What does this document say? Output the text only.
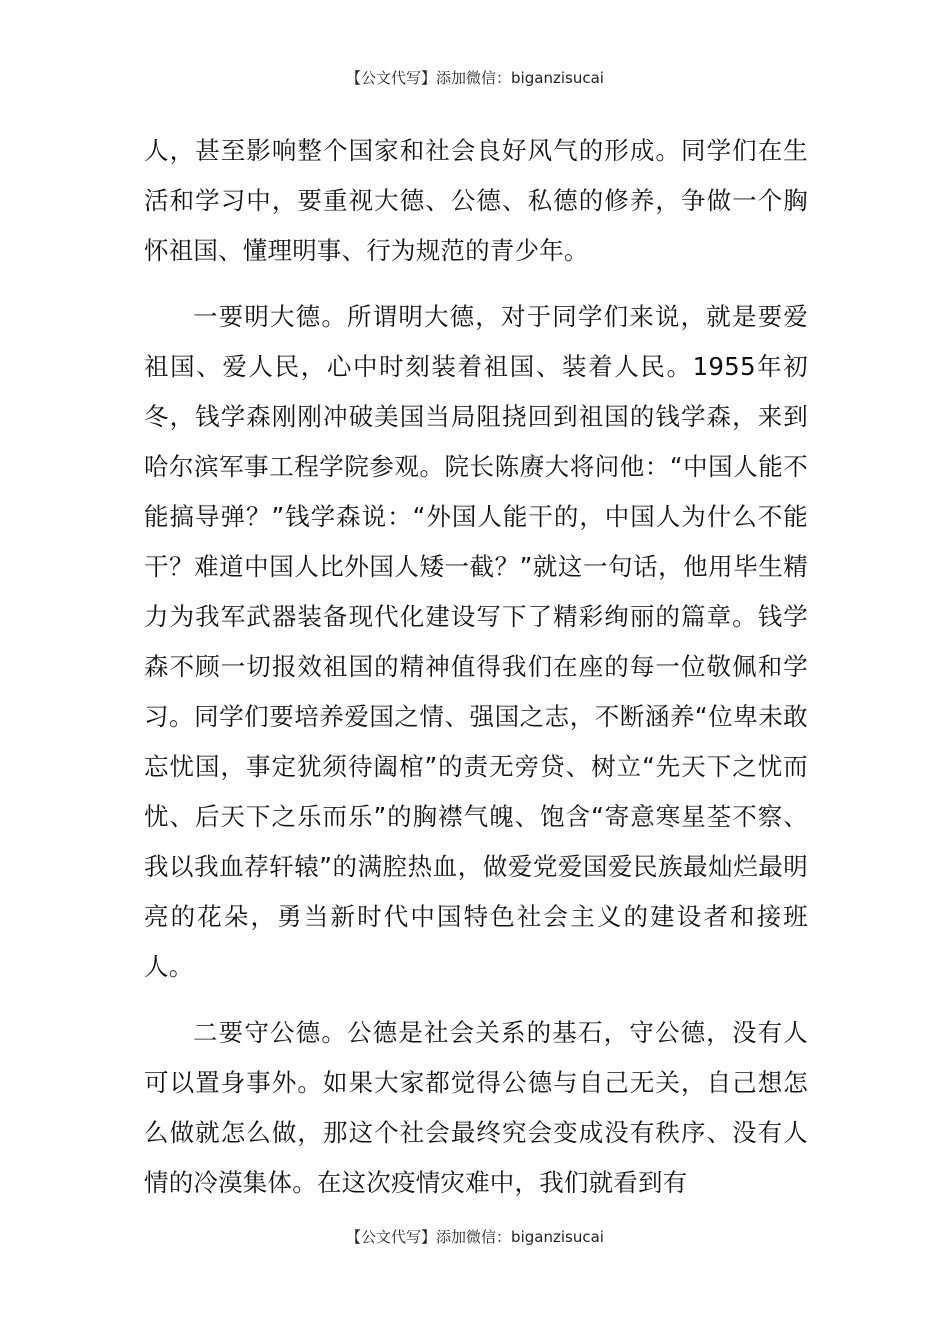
【公文代写】添加微信：biganzisucai

人，甚至影响整个国家和社会良好风气的形成。同学们在生活和学习中，要重视大德、公德、私德的修养，争做一个胸怀祖国、懂理明事、行为规范的青少年。

一要明大德。所谓明大德，对于同学们来说，就是要爱祖国、爱人民，心中时刻装着祖国、装着人民。1955年初冬，钱学森刚刚冲破美国当局阻挠回到祖国的钱学森，来到哈尔滨军事工程学院参观。院长陈赓大将问他：“中国人能不能搞导弹？”钱学森说：“外国人能干的，中国人为什么不能干？难道中国人比外国人矮一截？”就这一句话，他用毕生精力为我军武器装备现代化建设写下了精彩绚丽的篇章。钱学森不顾一切报效祖国的精神值得我们在座的每一位敬佩和学习。同学们要培养爱国之情、强国之志，不断涵养“位卑未敢忘忧国，事定犹须待阖棺”的责无旁贷、树立“先天下之忧而忧、后天下之乐而乐”的胸襟气魄、饱含“寄意寒星荃不察、我以我血荐轩辕”的满腔热血，做爱党爱国爱民族最灿烂最明亮的花朵，勇当新时代中国特色社会主义的建设者和接班人。

二要守公德。公德是社会关系的基石，守公德，没有人可以置身事外。如果大家都觉得公德与自己无关，自己想怎么做就怎么做，那这个社会最终究会变成没有秩序、没有人情的冷漠集体。在这次疫情灾难中，我们就看到有

【公文代写】添加微信：biganzisucai
